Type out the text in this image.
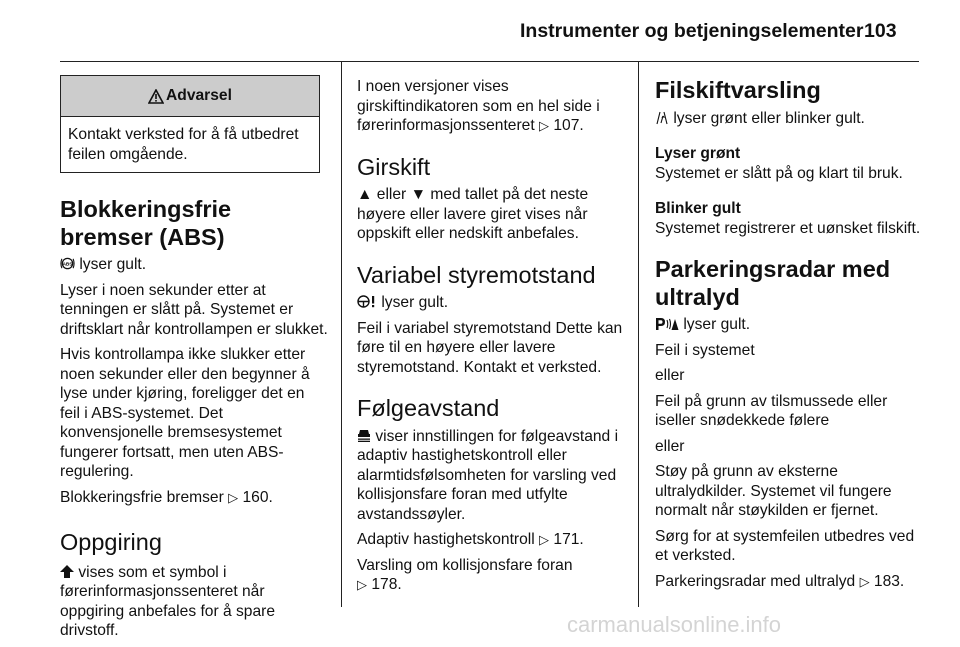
Instrumenter og betjeningselementer 103
Advarsel
Kontakt verksted for å få utbedret feilen omgående.
Blokkeringsfrie bremser (ABS)

ABS lyser gult.

Lyser i noen sekunder etter at tenningen er slått på. Systemet er driftsklart når kontrollampen er slukket.

Hvis kontrollampa ikke slukker etter noen sekunder eller den begynner å lyse under kjøring, foreligger det en feil i ABS-systemet. Det konvensjonelle bremsesystemet fungerer fortsatt, men uten ABS-regulering.

Blokkeringsfrie bremser ▷ 160.

Oppgiring

vises som et symbol i førerinformasjonssenteret når oppgiring anbefales for å spare drivstoff.

I noen versjoner vises girskiftindikatoren som en hel side i førerinformasjonssenteret ▷ 107.

Girskift

▲ eller ▼ med tallet på det neste høyere eller lavere giret vises når oppskift eller nedskift anbefales.

Variabel styremotstand

lyser gult.

Feil i variabel styremotstand Dette kan føre til en høyere eller lavere styremotstand. Kontakt et verksted.

Følgeavstand

viser innstillingen for følgeavstand i adaptiv hastighetskontroll eller alarmtidsfølsomheten for varsling ved kollisjonsfare foran med utfylte avstandssøyler.

Adaptiv hastighetskontroll ▷ 171.

Varsling om kollisjonsfare foran
▷ 178.

Filskiftvarsling

lyser grønt eller blinker gult.

Lyser grønt

Systemet er slått på og klart til bruk.

Blinker gult

Systemet registrerer et uønsket filskift.

Parkeringsradar med ultralyd

lyser gult.

Feil i systemet

eller

Feil på grunn av tilsmussede eller iseller snødekkede følere

eller

Støy på grunn av eksterne ultralydkilder. Systemet vil fungere normalt når støykilden er fjernet.

Sørg for at systemfeilen utbedres ved et verksted.

Parkeringsradar med ultralyd ▷ 183.

carmanualsonline.info
